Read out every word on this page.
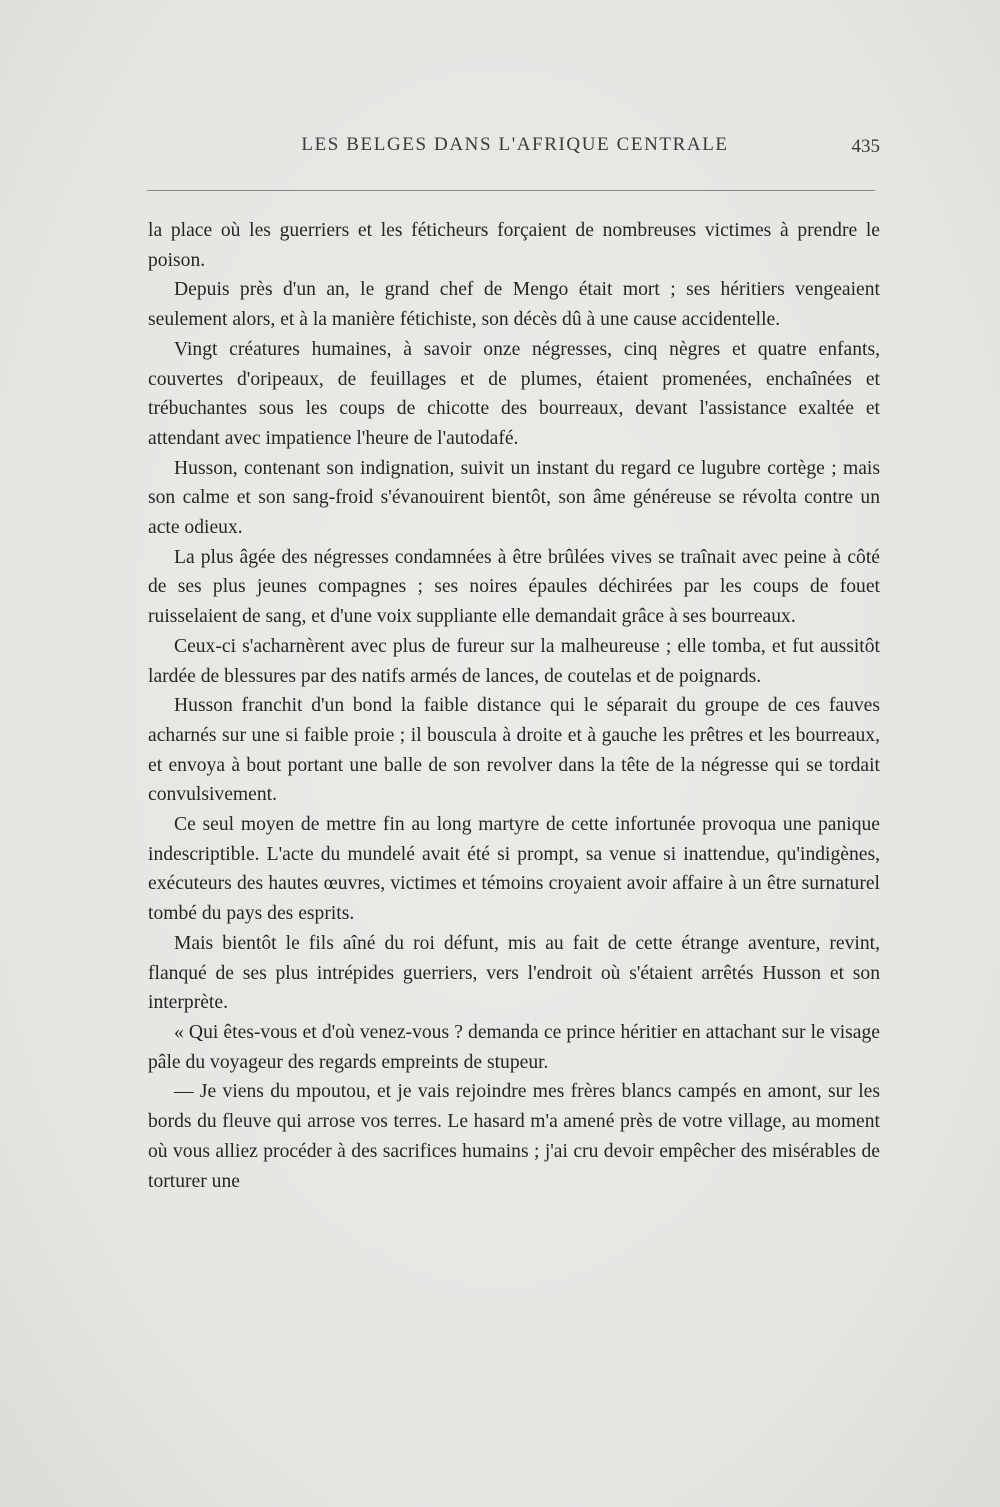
LES BELGES DANS L'AFRIQUE CENTRALE	435

la place où les guerriers et les féticheurs forçaient de nombreuses victimes à prendre le poison.

Depuis près d'un an, le grand chef de Mengo était mort ; ses héritiers vengeaient seulement alors, et à la manière fétichiste, son décès dû à une cause accidentelle.

Vingt créatures humaines, à savoir onze négresses, cinq nègres et quatre enfants, couvertes d'oripeaux, de feuillages et de plumes, étaient promenées, enchaînées et trébuchantes sous les coups de chicotte des bourreaux, devant l'assistance exaltée et attendant avec impatience l'heure de l'autodafé.

Husson, contenant son indignation, suivit un instant du regard ce lugubre cortège ; mais son calme et son sang-froid s'évanouirent bientôt, son âme généreuse se révolta contre un acte odieux.

La plus âgée des négresses condamnées à être brûlées vives se traînait avec peine à côté de ses plus jeunes compagnes ; ses noires épaules déchirées par les coups de fouet ruisselaient de sang, et d'une voix suppliante elle demandait grâce à ses bourreaux.

Ceux-ci s'acharnèrent avec plus de fureur sur la malheureuse ; elle tomba, et fut aussitôt lardée de blessures par des natifs armés de lances, de coutelas et de poignards.

Husson franchit d'un bond la faible distance qui le séparait du groupe de ces fauves acharnés sur une si faible proie ; il bouscula à droite et à gauche les prêtres et les bourreaux, et envoya à bout portant une balle de son revolver dans la tête de la négresse qui se tordait convulsivement.

Ce seul moyen de mettre fin au long martyre de cette infortunée provoqua une panique indescriptible. L'acte du mundelé avait été si prompt, sa venue si inattendue, qu'indigènes, exécuteurs des hautes œuvres, victimes et témoins croyaient avoir affaire à un être surnaturel tombé du pays des esprits.

Mais bientôt le fils aîné du roi défunt, mis au fait de cette étrange aventure, revint, flanqué de ses plus intrépides guerriers, vers l'endroit où s'étaient arrêtés Husson et son interprète.

« Qui êtes-vous et d'où venez-vous ? demanda ce prince héritier en attachant sur le visage pâle du voyageur des regards empreints de stupeur.

— Je viens du mpoutou, et je vais rejoindre mes frères blancs campés en amont, sur les bords du fleuve qui arrose vos terres. Le hasard m'a amené près de votre village, au moment où vous alliez procéder à des sacrifices humains ; j'ai cru devoir empêcher des misérables de torturer une
